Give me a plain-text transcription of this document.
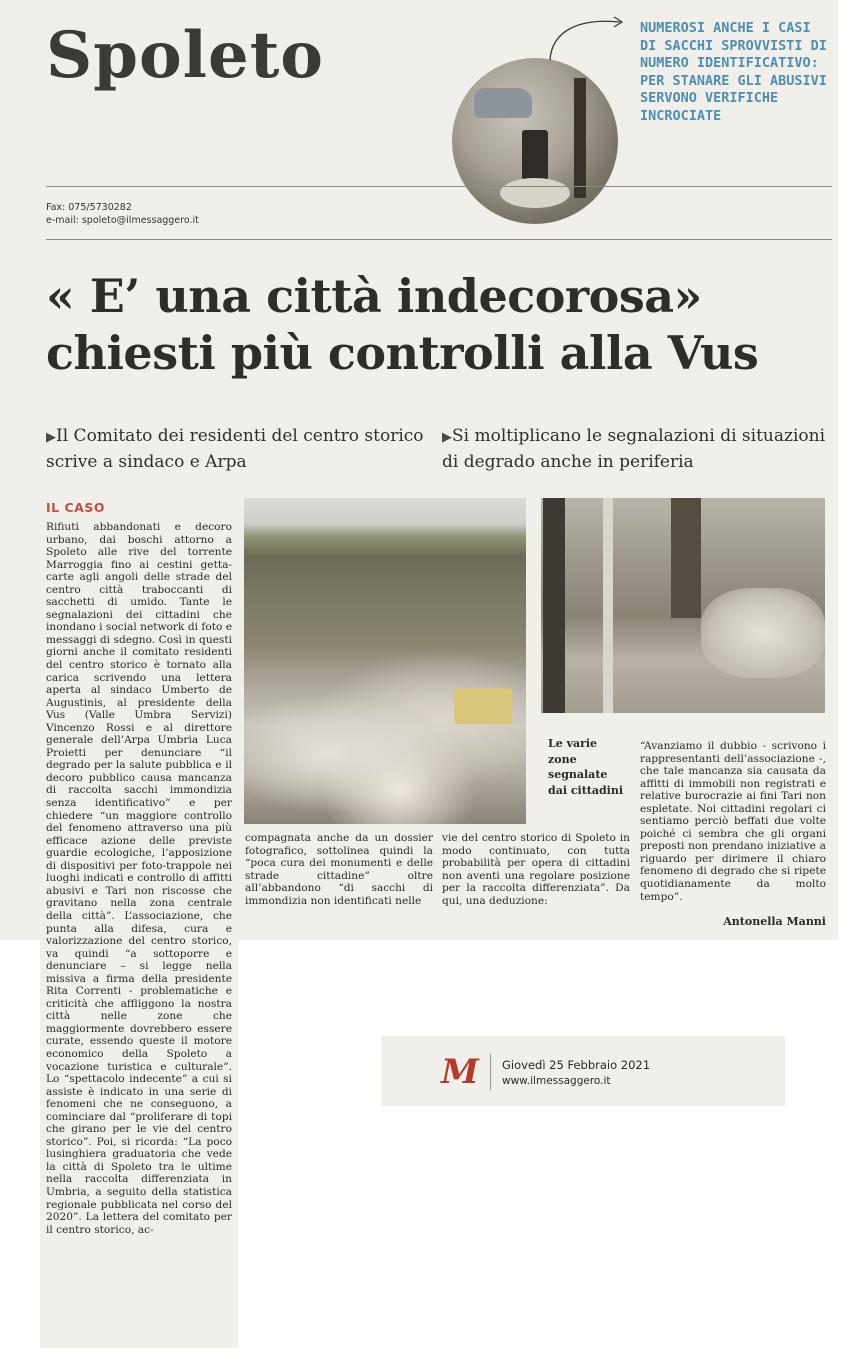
Spoleto	NUMEROSI ANCHE I CASI DI SACCHI SPROVVISTI DI NUMERO IDENTIFICATIVO: PER STANARE GLI ABUSIVI SERVONO VERIFICHE INCROCIATE

Fax: 075/5730282
e-mail: spoleto@ilmessaggero.it
« E’ una città indecorosa»
chiesti più controlli alla Vus

▶Il Comitato dei residenti del centro storico scrive a sindaco e Arpa

▶Si moltiplicano le segnalazioni di situazioni di degrado anche in periferia

IL CASO

Rifiuti abbandonati e decoro urbano, dai boschi attorno a Spoleto alle rive del torrente Marroggia fino ai cestini getta-carte agli angoli delle strade del centro città traboccanti di sacchetti di umido. Tante le segnalazioni dei cittadini che inondano i social network di foto e messaggi di sdegno. Così in questi giorni anche il comitato residenti del centro storico è tornato alla carica scrivendo una lettera aperta al sindaco Umberto de Augustinis, al presidente della Vus (Valle Umbra Servizi) Vincenzo Rossi e al direttore generale dell’Arpa Umbria Luca Proietti per denunciare “il degrado per la salute pubblica e il decoro pubblico causa mancanza di raccolta sacchi immondizia senza identificativo” e per chiedere “un maggiore controllo del fenomeno attraverso una più efficace azione delle previste guardie ecologiche, l’apposizione di dispositivi per foto-trappole nei luoghi indicati e controllo di affitti abusivi e Tari non riscosse che gravitano nella zona centrale della città”. L’associazione, che punta alla difesa, cura e valorizzazione del centro storico, va quindi “a sottoporre e denunciare – si legge nella missiva a firma della presidente Rita Correnti - problematiche e criticità che affliggono la nostra città nelle zone che maggiormente dovrebbero essere curate, essendo queste il motore economico della Spoleto a vocazione turistica e culturale”. Lo “spettacolo indecente” a cui si assiste è indicato in una serie di fenomeni che ne conseguono, a cominciare dal “proliferare di topi che girano per le vie del centro storico”. Poi, si ricorda: “La poco lusinghiera graduatoria che vede la città di Spoleto tra le ultime nella raccolta differenziata in Umbria, a seguito della statistica regionale pubblicata nel corso del 2020”. La lettera del comitato per il centro storico, ac-

Le varie zone segnalate dai cittadini

compagnata anche da un dossier fotografico, sottolinea quindi la “poca cura dei monumenti e delle strade cittadine” oltre all’abbandono “di sacchi di immondizia non identificati nelle

vie del centro storico di Spoleto in modo continuato, con tutta probabilità per opera di cittadini non aventi una regolare posizione per la raccolta differenziata”. Da qui, una deduzione:

“Avanziamo il dubbio - scrivono i rappresentanti dell’associazione -, che tale mancanza sia causata da affitti di immobili non registrati e relative burocrazie ai fini Tari non espletate. Noi cittadini regolari ci sentiamo perciò beffati due volte poiché ci sembra che gli organi preposti non prendano iniziative a riguardo per dirimere il chiaro fenomeno di degrado che si ripete quotidianamente da molto tempo”.

Antonella Manni

M Giovedì 25 Febbraio 2021
www.ilmessaggero.it
